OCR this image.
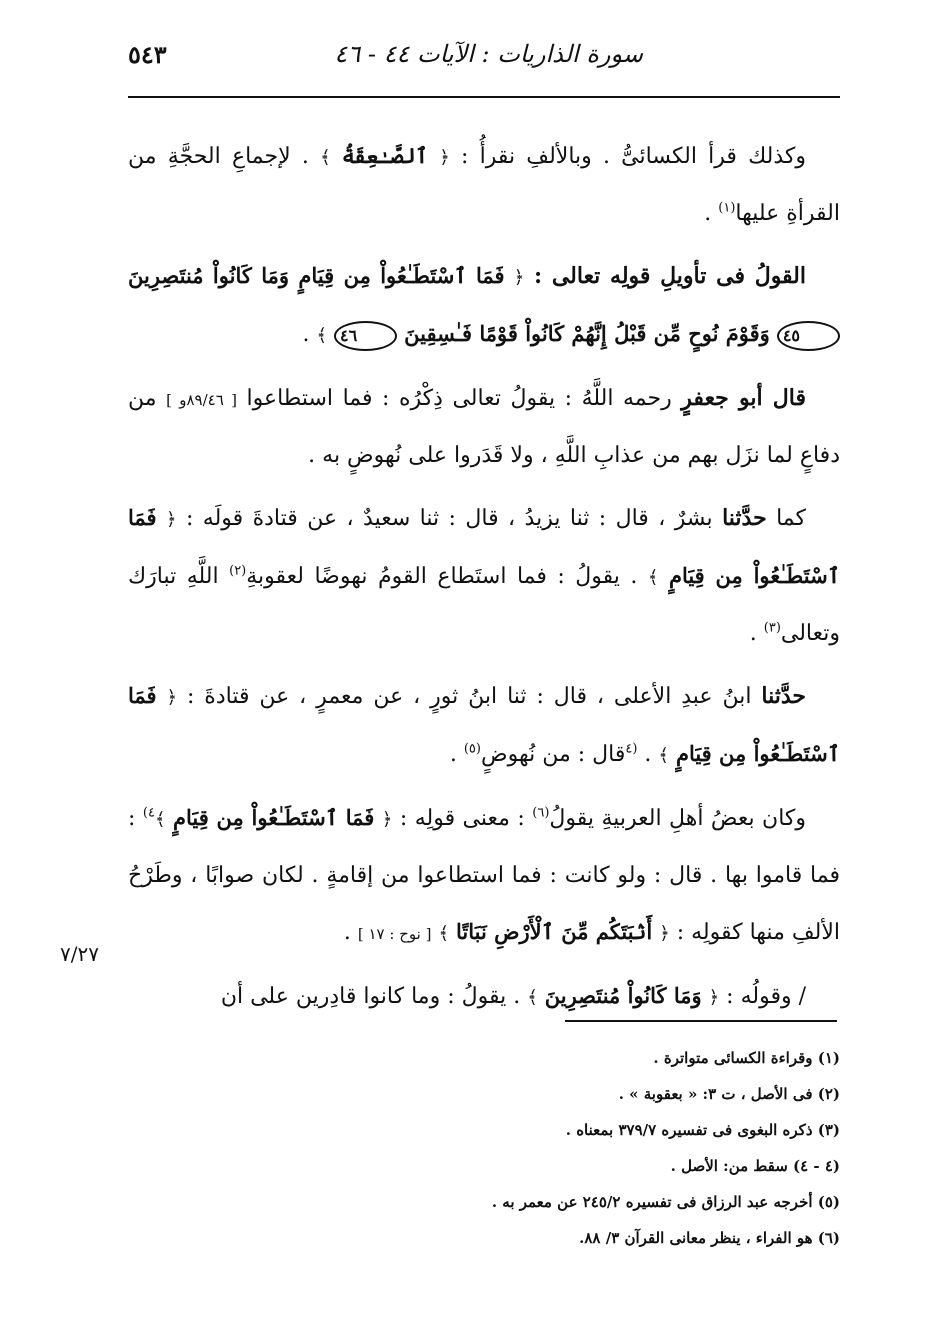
٥٤٣	سورة الذاريات : الآيات ٤٤ - ٤٦

وكذلك قرأ الكسائىُّ . وبالألفِ نقرأُ : ﴿ ٱلصَّـٰعِقَةُ ﴾ . لإجماعِ الحجَّةِ من القرأةِ عليها$^{(١)}$ .

القولُ فى تأويلِ قولِه تعالى : ﴿ فَمَا ٱسْتَطَـٰعُواْ مِن قِيَامٍ وَمَا كَانُواْ مُنتَصِرِينَ ٤٥ وَقَوْمَ نُوحٍ مِّن قَبْلُ إِنَّهُمْ كَانُواْ قَوْمًا فَـٰسِقِينَ ٤٦ ﴾ .

قال أبو جعفرٍ رحمه اللَّهُ : يقولُ تعالى ذِكْرُه : فما استطاعوا [ ٨٩/٤٦و ] من دفاعٍ لما نزَل بهم من عذابِ اللَّهِ ، ولا قَدَروا على نُهوضٍ به .

كما حدَّثنا بشرٌ ، قال : ثنا يزيدُ ، قال : ثنا سعيدٌ ، عن قتادةَ قولَه : ﴿ فَمَا ٱسْتَطَـٰعُواْ مِن قِيَامٍ ﴾ . يقولُ : فما استَطاع القومُ نهوضًا لعقوبةِ$^{(٢)}$ اللَّهِ تبارَك وتعالى$^{(٣)}$ .

حدَّثنا ابنُ عبدِ الأعلى ، قال : ثنا ابنُ ثورٍ ، عن معمرٍ ، عن قتادةَ : ﴿ فَمَا ٱسْتَطَـٰعُواْ مِن قِيَامٍ ﴾ . $^{(٤}$قال : من نُهوضٍ$^{(٥)}$ .

وكان بعضُ أهلِ العربيةِ يقولُ$^{(٦)}$ : معنى قولِه : ﴿ فَمَا ٱسْتَطَـٰعُواْ مِن قِيَامٍ ﴾$^{٤)}$ : فما قاموا بها . قال : ولو كانت : فما استطاعوا من إقامةٍ . لكان صوابًا ، وطَرْحُ الألفِ منها كقولِه : ﴿ أَنۢبَتَكُم مِّنَ ٱلْأَرْضِ نَبَاتًا ﴾ [ نوح : ١٧ ] .

/ وقولُه : ﴿ وَمَا كَانُواْ مُنتَصِرِينَ ﴾ . يقولُ : وما كانوا قادِرين على أن

٧/٢٧
(١) وقراءة الكسائى متواترة .
(٢) فى الأصل ، ت ٣: « بعقوبة » .
(٣) ذكره البغوى فى تفسيره ٣٧٩/٧ بمعناه .
(٤ - ٤) سقط من: الأصل .
(٥) أخرجه عبد الرزاق فى تفسيره ٢٤٥/٢ عن معمر به .
(٦) هو الفراء ، ينظر معانى القرآن ٣/ ٨٨.
